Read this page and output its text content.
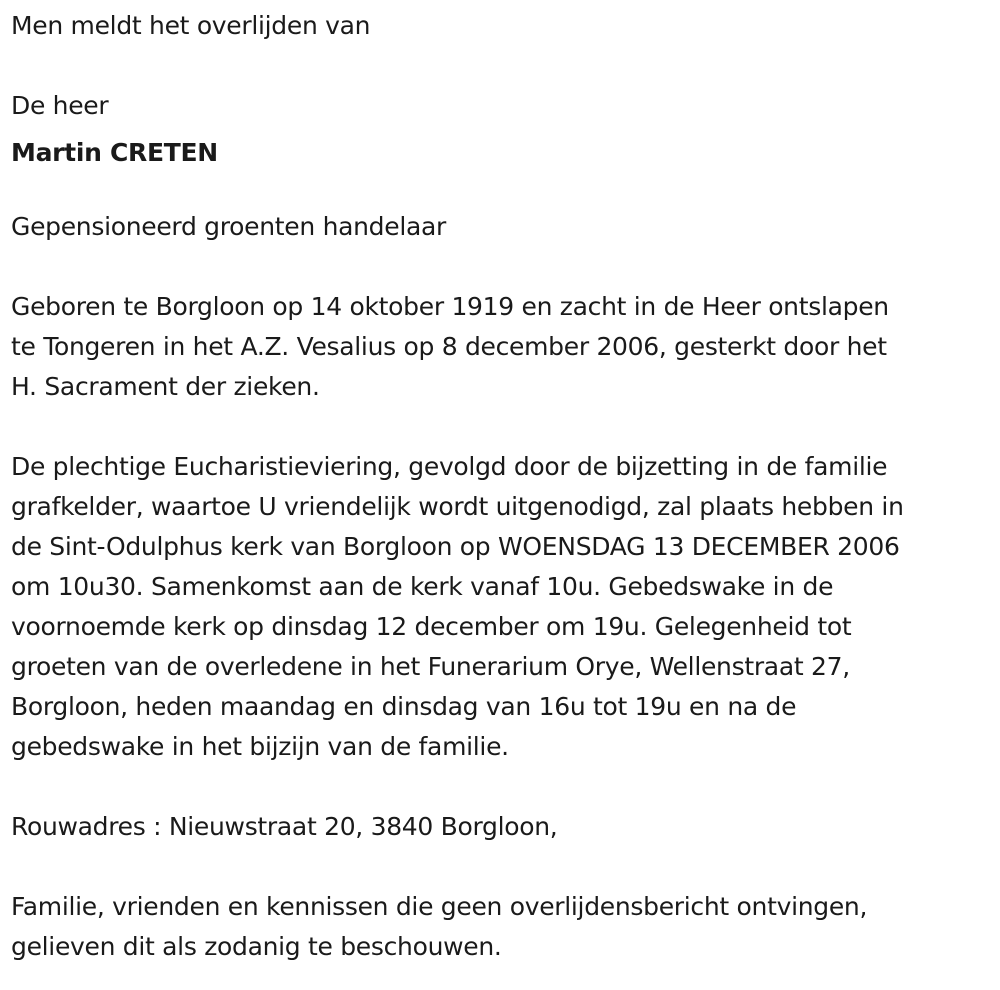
Men meldt het overlijden van

De heer

Martin CRETEN

Gepensioneerd groenten handelaar

Geboren te Borgloon op 14 oktober 1919 en zacht in de Heer ontslapen

te Tongeren in het A.Z. Vesalius op 8 december 2006, gesterkt door het

H. Sacrament der zieken.

De plechtige Eucharistieviering, gevolgd door de bijzetting in de familie

grafkelder, waartoe U vriendelijk wordt uitgenodigd, zal plaats hebben in

de Sint-Odulphus kerk van Borgloon op WOENSDAG 13 DECEMBER 2006

om 10u30. Samenkomst aan de kerk vanaf 10u. Gebedswake in de

voornoemde kerk op dinsdag 12 december om 19u. Gelegenheid tot

groeten van de overledene in het Funerarium Orye, Wellenstraat 27,

Borgloon, heden maandag en dinsdag van 16u tot 19u en na de

gebedswake in het bijzijn van de familie.

Rouwadres : Nieuwstraat 20, 3840 Borgloon,

Familie, vrienden en kennissen die geen overlijdensbericht ontvingen,

gelieven dit als zodanig te beschouwen.
